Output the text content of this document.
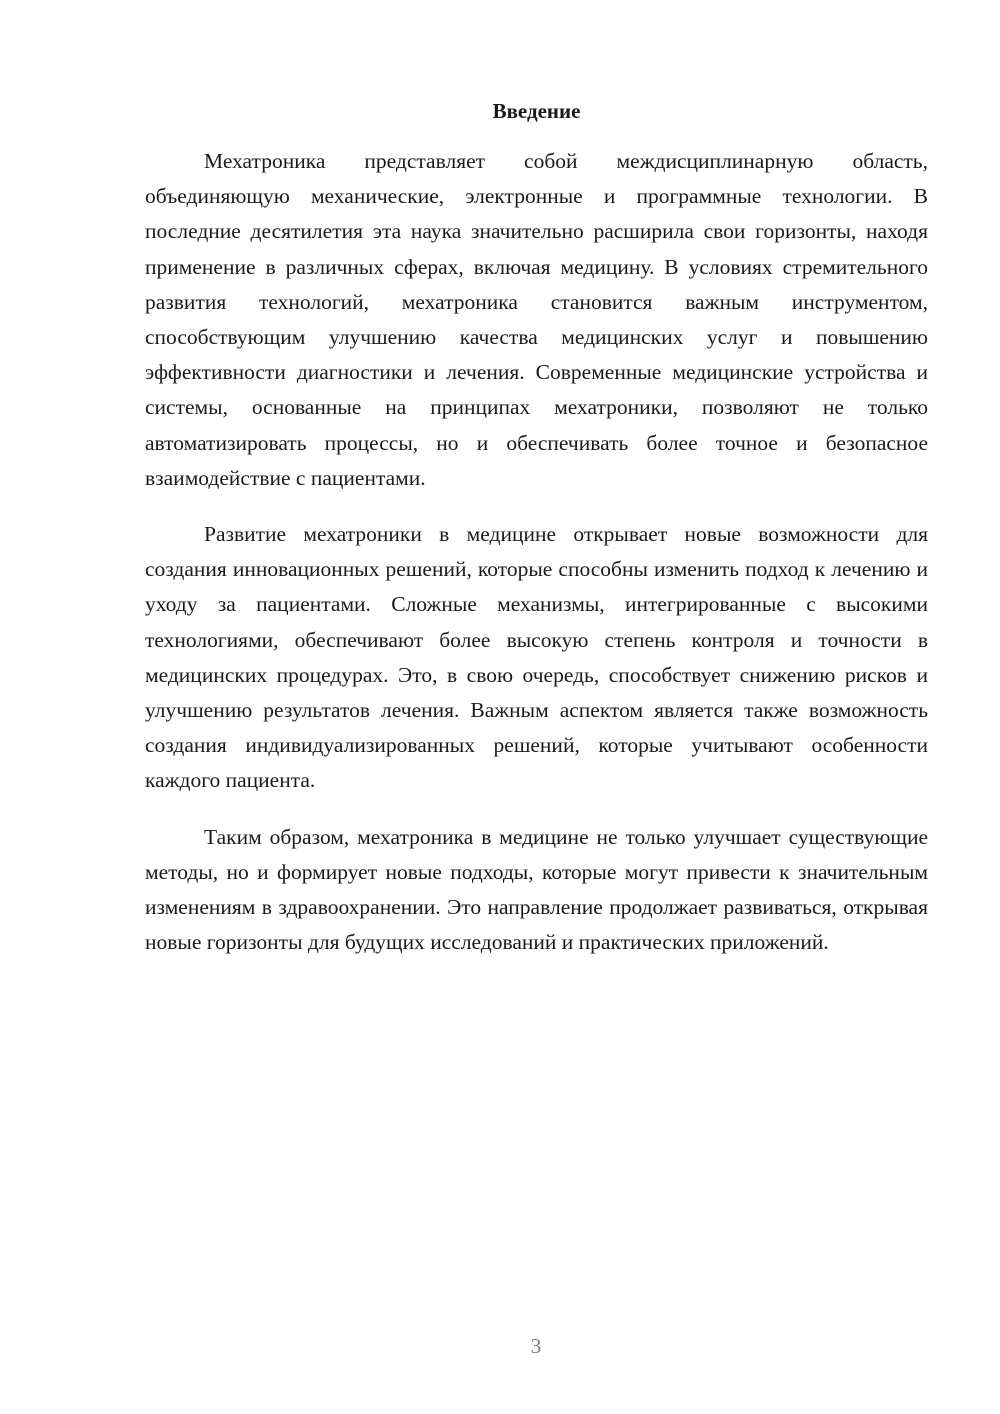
Введение

Мехатроника представляет собой междисциплинарную область, объединяющую механические, электронные и программные технологии. В последние десятилетия эта наука значительно расширила свои горизонты, находя применение в различных сферах, включая медицину. В условиях стремительного развития технологий, мехатроника становится важным инструментом, способствующим улучшению качества медицинских услуг и повышению эффективности диагностики и лечения. Современные медицинские устройства и системы, основанные на принципах мехатроники, позволяют не только автоматизировать процессы, но и обеспечивать более точное и безопасное взаимодействие с пациентами.

Развитие мехатроники в медицине открывает новые возможности для создания инновационных решений, которые способны изменить подход к лечению и уходу за пациентами. Сложные механизмы, интегрированные с высокими технологиями, обеспечивают более высокую степень контроля и точности в медицинских процедурах. Это, в свою очередь, способствует снижению рисков и улучшению результатов лечения. Важным аспектом является также возможность создания индивидуализированных решений, которые учитывают особенности каждого пациента.

Таким образом, мехатроника в медицине не только улучшает существующие методы, но и формирует новые подходы, которые могут привести к значительным изменениям в здравоохранении. Это направление продолжает развиваться, открывая новые горизонты для будущих исследований и практических приложений.

3
